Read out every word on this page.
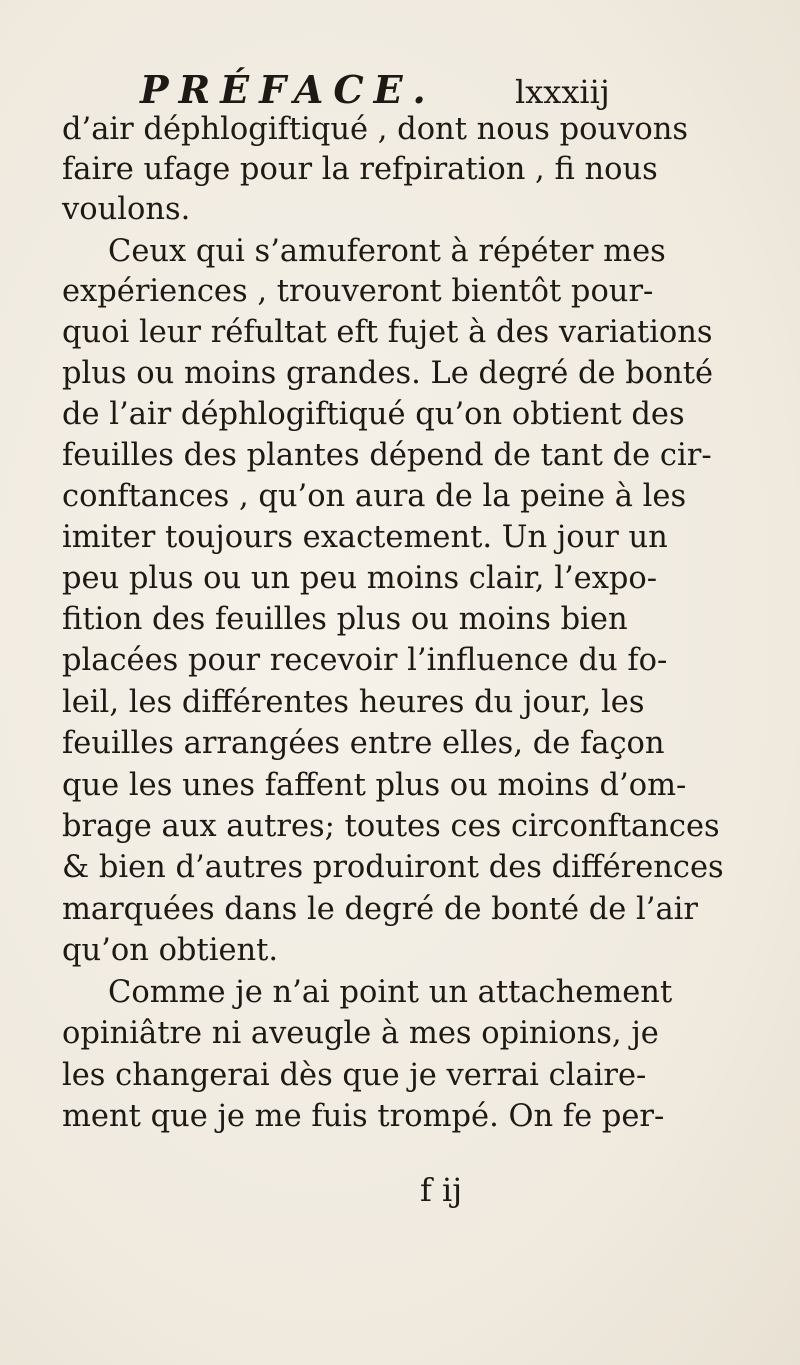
PRÉFACE. lxxxiij
d’air déphlogiftiqué , dont nous pouvons
faire ufage pour la refpiration , fi nous
voulons.
Ceux qui s’amuferont à répéter mes
expériences , trouveront bientôt pour-
quoi leur réfultat eft fujet à des variations
plus ou moins grandes. Le degré de bonté
de l’air déphlogiftiqué qu’on obtient des
feuilles des plantes dépend de tant de cir-
conftances , qu’on aura de la peine à les
imiter toujours exactement. Un jour un
peu plus ou un peu moins clair, l’expo-
fition des feuilles plus ou moins bien
placées pour recevoir l’influence du fo-
leil, les différentes heures du jour, les
feuilles arrangées entre elles, de façon
que les unes faffent plus ou moins d’om-
brage aux autres; toutes ces circonftances
& bien d’autres produiront des différences
marquées dans le degré de bonté de l’air
qu’on obtient.
Comme je n’ai point un attachement
opiniâtre ni aveugle à mes opinions, je
les changerai dès que je verrai claire-
ment que je me fuis trompé. On fe per-
f ij
